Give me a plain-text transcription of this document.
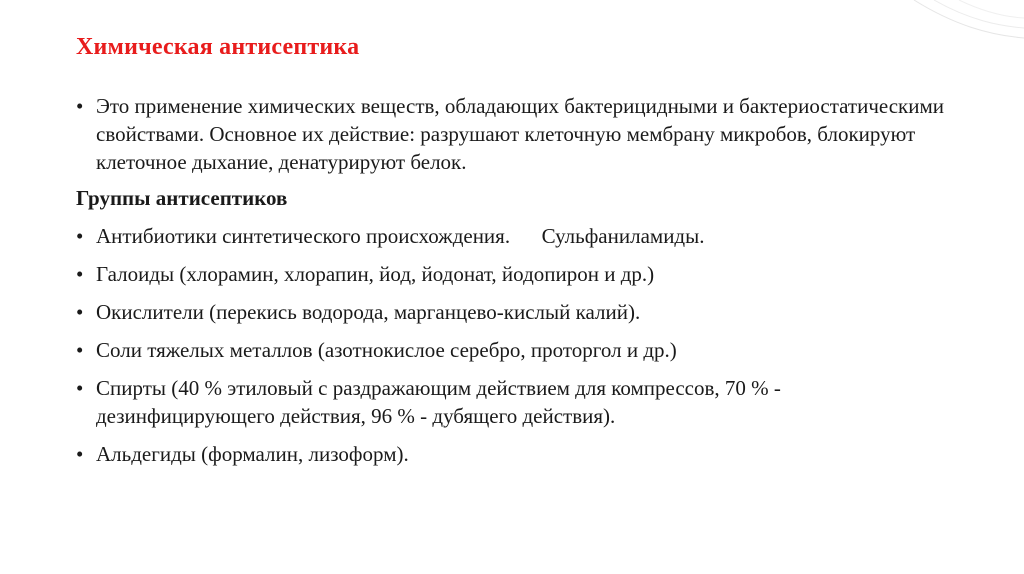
Химическая антисептика

• Это применение химических веществ, обладающих бактерицидными и бактериостатическими свойствами. Основное их действие: разрушают клеточную мембрану микробов, блокируют клеточное дыхание, денатурируют белок.

Группы антисептиков

• Антибиотики синтетического происхождения.      Сульфаниламиды.

• Галоиды (хлорамин, хлорапин, йод, йодонат, йодопирон и др.)

• Окислители (перекись водорода, марганцево-кислый калий).

• Соли тяжелых металлов (азотнокислое серебро, проторгол и др.)

• Спирты (40 % этиловый с раздражающим действием для компрессов, 70 % - дезинфицирующего действия, 96 % - дубящего действия).

• Альдегиды (формалин, лизоформ).
